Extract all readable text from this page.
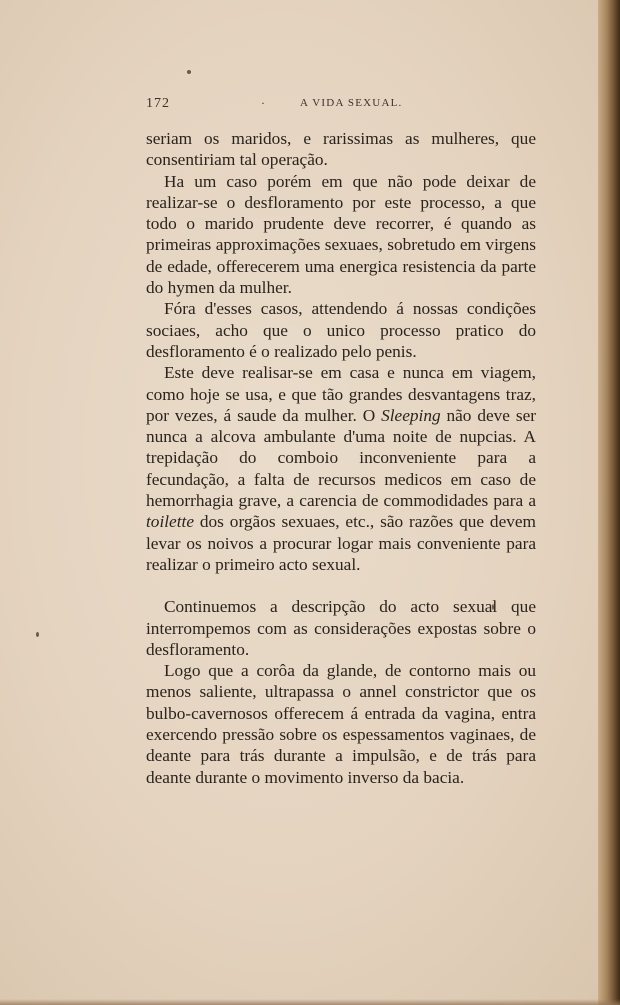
172	·	A VIDA SEXUAL.

seriam os maridos, e rarissimas as mulheres, que consentiriam tal operação.

Ha um caso porém em que não pode deixar de realizar-se o desfloramento por este processo, a que todo o marido prudente deve recorrer, é quando as primeiras approximações sexuaes, sobretudo em virgens de edade, offerecerem uma energica resistencia da parte do hymen da mulher.

Fóra d'esses casos, attendendo á nossas condições sociaes, acho que o unico processo pratico do desfloramento é o realizado pelo penis.

Este deve realisar-se em casa e nunca em viagem, como hoje se usa, e que tão grandes desvantagens traz, por vezes, á saude da mulher. O Sleeping não deve ser nunca a alcova ambulante d'uma noite de nupcias. A trepidação do comboio inconveniente para a fecundação, a falta de recursos medicos em caso de hemorrhagia grave, a carencia de commodidades para a toilette dos orgãos sexuaes, etc., são razões que devem levar os noivos a procurar logar mais conveniente para realizar o primeiro acto sexual.

Continuemos a descripção do acto sexual que interrompemos com as considerações expostas sobre o desfloramento.

Logo que a corôa da glande, de contorno mais ou menos saliente, ultrapassa o annel constrictor que os bulbo-cavernosos offerecem á entrada da vagina, entra exercendo pressão sobre os espessamentos vaginaes, de deante para trás durante a impulsão, e de trás para deante durante o movimento inverso da bacia.
